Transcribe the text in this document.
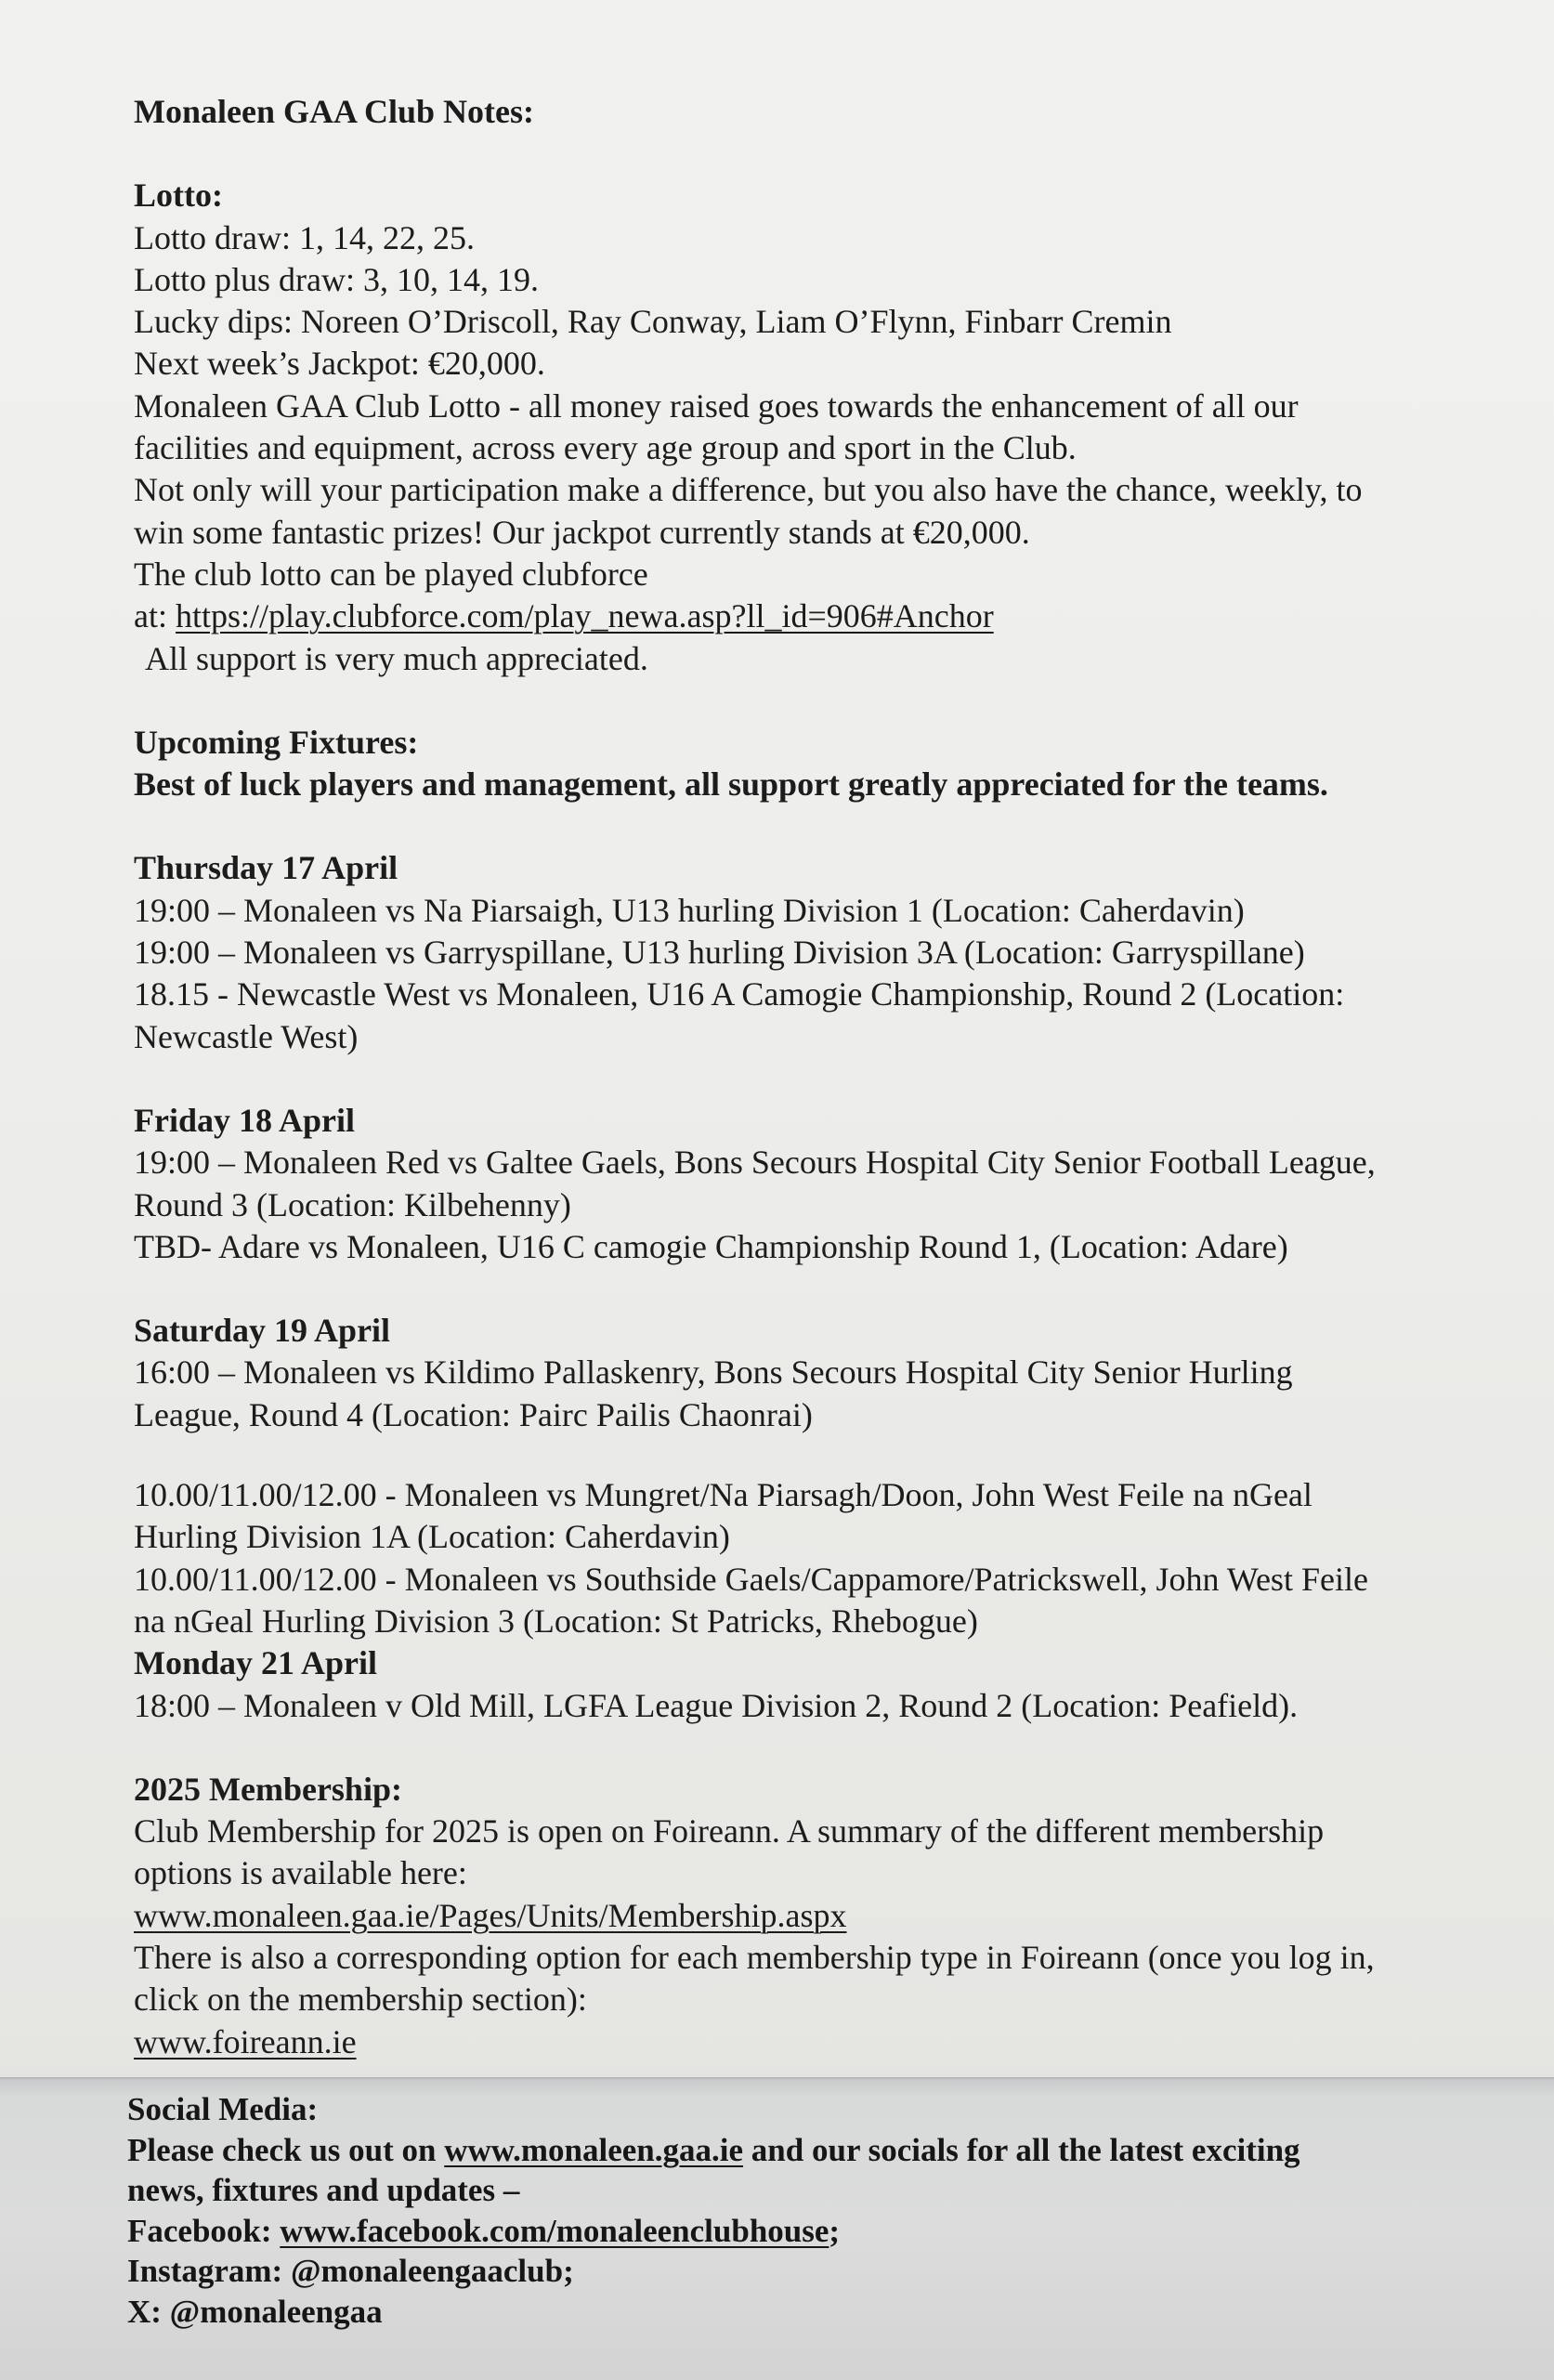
Monaleen GAA Club Notes:

Lotto:

Lotto draw: 1, 14, 22, 25.

Lotto plus draw: 3, 10, 14, 19.

Lucky dips: Noreen O’Driscoll, Ray Conway, Liam O’Flynn, Finbarr Cremin

Next week’s Jackpot: €20,000.

Monaleen GAA Club Lotto - all money raised goes towards the enhancement of all our

facilities and equipment, across every age group and sport in the Club.

Not only will your participation make a difference, but you also have the chance, weekly, to

win some fantastic prizes! Our jackpot currently stands at €20,000.

The club lotto can be played clubforce

at: https://play.clubforce.com/play_newa.asp?ll_id=906#Anchor

All support is very much appreciated.

Upcoming Fixtures:

Best of luck players and management, all support greatly appreciated for the teams.

Thursday 17 April

19:00 – Monaleen vs Na Piarsaigh, U13 hurling Division 1 (Location: Caherdavin)

19:00 – Monaleen vs Garryspillane, U13 hurling Division 3A (Location: Garryspillane)

18.15 - Newcastle West vs Monaleen, U16 A Camogie Championship, Round 2 (Location:

Newcastle West)

Friday 18 April

19:00 – Monaleen Red vs Galtee Gaels, Bons Secours Hospital City Senior Football League,

Round 3 (Location: Kilbehenny)

TBD- Adare vs Monaleen, U16 C camogie Championship Round 1, (Location: Adare)

Saturday 19 April

16:00 – Monaleen vs Kildimo Pallaskenry, Bons Secours Hospital City Senior Hurling

League, Round 4 (Location: Pairc Pailis Chaonrai)

10.00/11.00/12.00 - Monaleen vs Mungret/Na Piarsagh/Doon, John West Feile na nGeal

Hurling Division 1A (Location: Caherdavin)

10.00/11.00/12.00 - Monaleen vs Southside Gaels/Cappamore/Patrickswell, John West Feile

na nGeal Hurling Division 3 (Location: St Patricks, Rhebogue)

Monday 21 April

18:00 – Monaleen v Old Mill, LGFA League Division 2, Round 2 (Location: Peafield).

2025 Membership:

Club Membership for 2025 is open on Foireann. A summary of the different membership

options is available here:

www.monaleen.gaa.ie/Pages/Units/Membership.aspx

There is also a corresponding option for each membership type in Foireann (once you log in,

click on the membership section):

www.foireann.ie

Social Media:

Please check us out on www.monaleen.gaa.ie and our socials for all the latest exciting

news, fixtures and updates –

Facebook: www.facebook.com/monaleenclubhouse;

Instagram: @monaleengaaclub;

X: @monaleengaa
